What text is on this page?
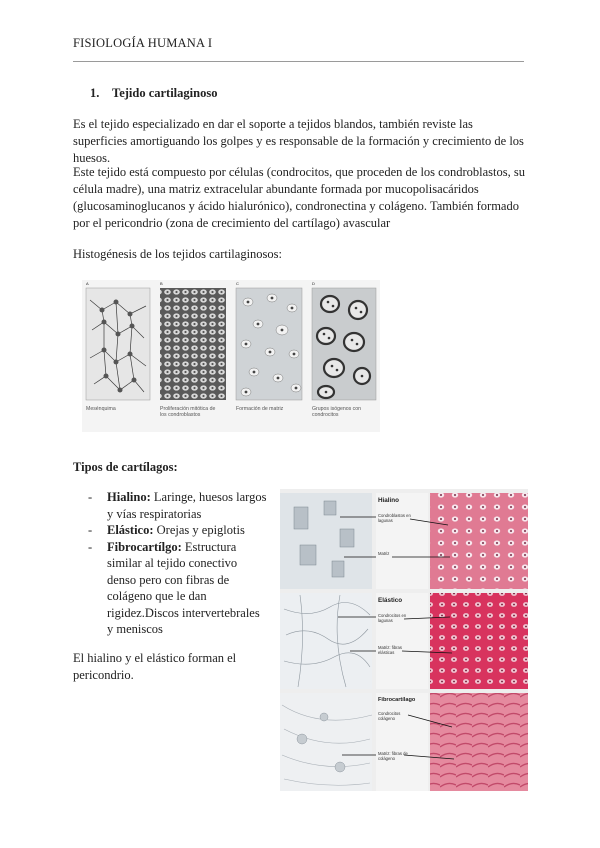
FISIOLOGÍA HUMANA I
1. Tejido cartilaginoso
Es el tejido especializado en dar el soporte a tejidos blandos, también reviste las superficies amortiguando los golpes y es responsable de la formación y crecimiento de los huesos.
Este tejido está compuesto por células (condrocitos, que proceden de los condroblastos, su célula madre), una matriz extracelular abundante formada por mucopolisacáridos (glucosaminoglucanos y ácido hialurónico), condronectina y colágeno. También formado por el pericondrio (zona de crecimiento del cartílago) avascular
Histogénesis de los tejidos cartilaginosos:
A	B	C	D
Mesénquima	Proliferación mitótica de los condroblastos
Formación de matriz	Grupos isógenos con condrocitos
Tipos de cartílagos:
- Hialino: Laringe, huesos largos y vías respiratorias
- Elástico: Orejas y epiglotis
- Fibrocartílgo: Estructura similar al tejido conectivo denso pero con fibras de colágeno que le dan rigidez.Discos intervertebrales y meniscos
El hialino y el elástico forman el pericondrio.
Hialino
Condroblastos en lagunas
Matriz
Elástico
Condrocitos en lagunas
Matriz: fibras elásticas
Fibrocartílago
Condrocitos colágeno
Matriz: fibras de colágeno
